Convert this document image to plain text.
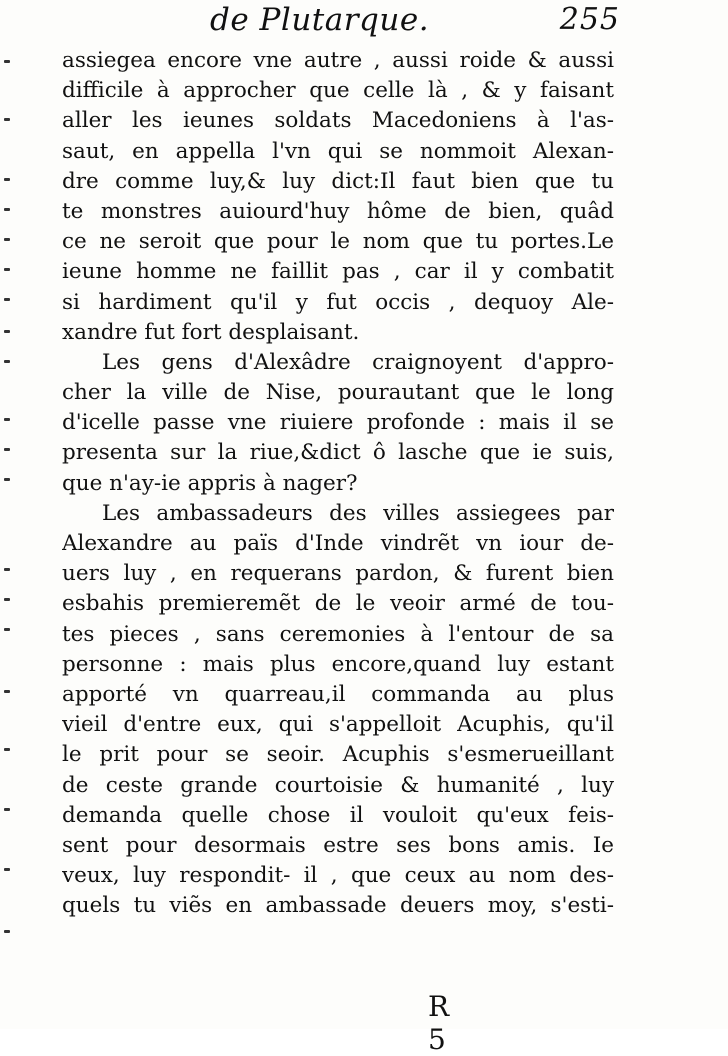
de Plutarque.	255
assiegea encore vne autre , aussi roide & aussi
difficile à approcher que celle là , & y faisant
aller les ieunes soldats Macedoniens à l'as-
saut, en appella l'vn qui se nommoit Alexan-
dre comme luy,& luy dict:Il faut bien que tu
te monstres auiourd'huy hôme de bien, quâd
ce ne seroit que pour le nom que tu portes.Le
ieune homme ne faillit pas , car il y combatit
si hardiment qu'il y fut occis , dequoy Ale-
xandre fut fort desplaisant.
Les gens d'Alexâdre craignoyent d'appro-
cher la ville de Nise, pourautant que le long
d'icelle passe vne riuiere profonde : mais il se
presenta sur la riue,&dict ô lasche que ie suis,
que n'ay-ie appris à nager?
Les ambassadeurs des villes assiegees par
Alexandre au païs d'Inde vindrẽt vn iour de-
uers luy , en requerans pardon, & furent bien
esbahis premieremẽt de le veoir armé de tou-
tes pieces , sans ceremonies à l'entour de sa
personne : mais plus encore,quand luy estant
apporté vn quarreau,il commanda au plus
vieil d'entre eux, qui s'appelloit Acuphis, qu'il
le prit pour se seoir. Acuphis s'esmerueillant
de ceste grande courtoisie & humanité , luy
demanda quelle chose il vouloit qu'eux feis-
sent pour desormais estre ses bons amis. Ie
veux, luy respondit- il , que ceux au nom des-
quels tu viẽs en ambassade deuers moy, s'esti-
R 5
